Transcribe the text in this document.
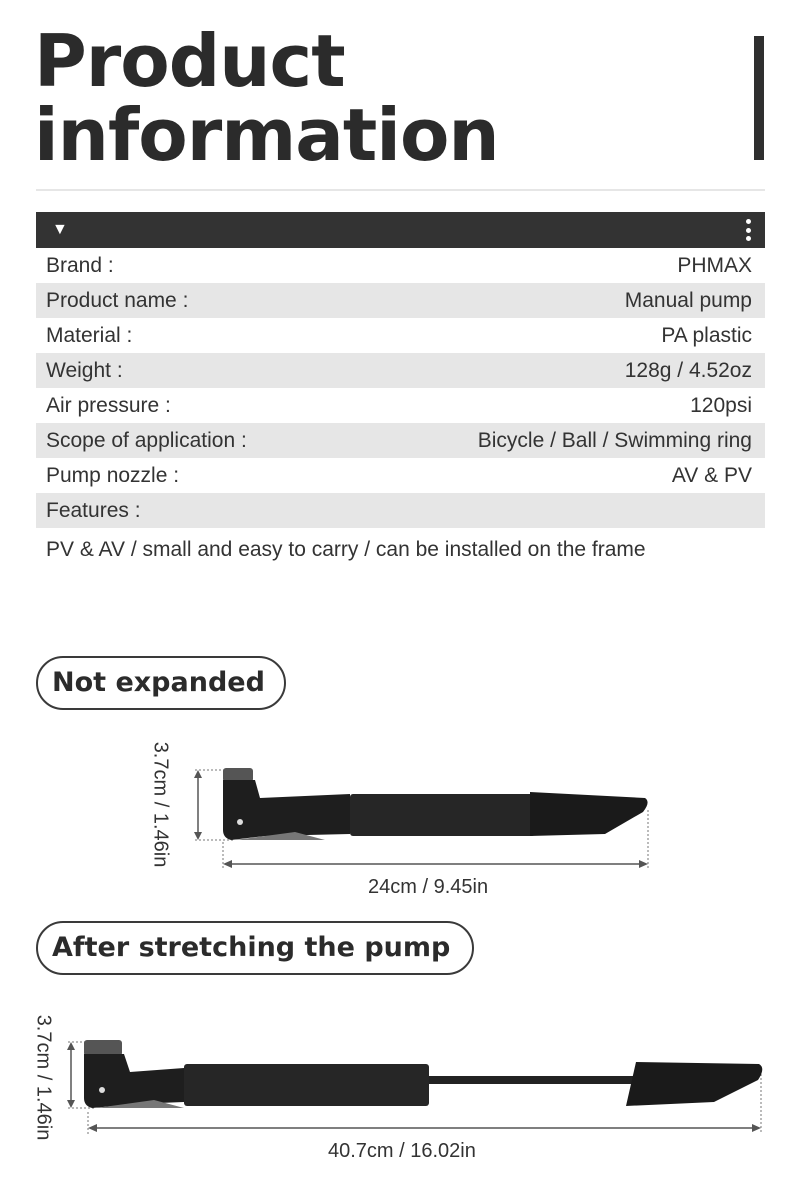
Product
information
▼
Brand :	PHMAX
Product name :	Manual pump
Material :	PA plastic
Weight :	128g / 4.52oz
Air pressure :	120psi
Scope of application :	Bicycle / Ball / Swimming ring
Pump nozzle :	AV & PV
Features :
PV & AV / small and easy to carry / can be installed on the frame
Not expanded
3.7cm / 1.46in
24cm / 9.45in
After stretching the pump
3.7cm / 1.46in
40.7cm / 16.02in
